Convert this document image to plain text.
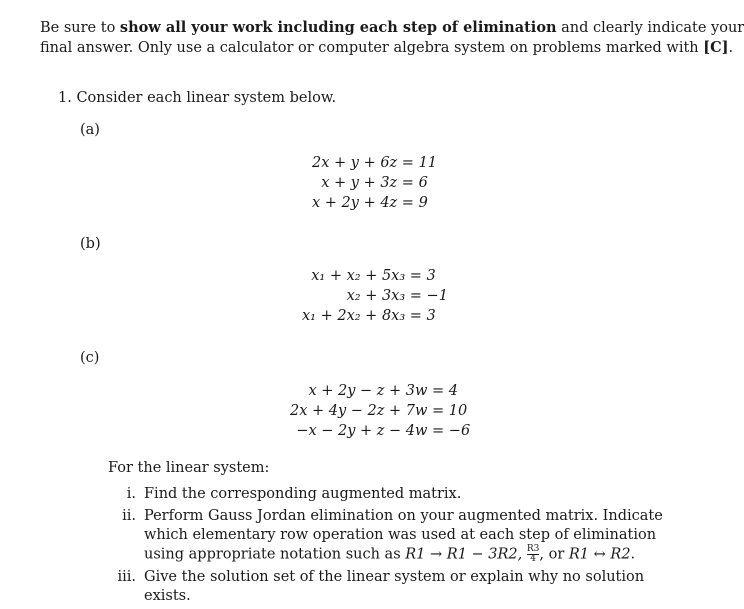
Be sure to show all your work including each step of elimination and clearly indicate your
final answer. Only use a calculator or computer algebra system on problems marked with [C].
1. Consider each linear system below.
(a)
2x + y + 6z = 11
x + y + 3z = 6
x + 2y + 4z = 9
(b)
x₁ + x₂ + 5x₃ = 3
x₂ + 3x₃ = −1
x₁ + 2x₂ + 8x₃ = 3
(c)
x + 2y − z + 3w = 4
2x + 4y − 2z + 7w = 10
−x − 2y + z − 4w = −6
For the linear system:
i. Find the corresponding augmented matrix.
ii. Perform Gauss Jordan elimination on your augmented matrix. Indicate which elementary row operation was used at each step of elimination using appropriate notation such as R1 → R1 − 3R2, $\frac{R3}{4}$ , or R1 ↔ R2.
iii. Give the solution set of the linear system or explain why no solution exists.
